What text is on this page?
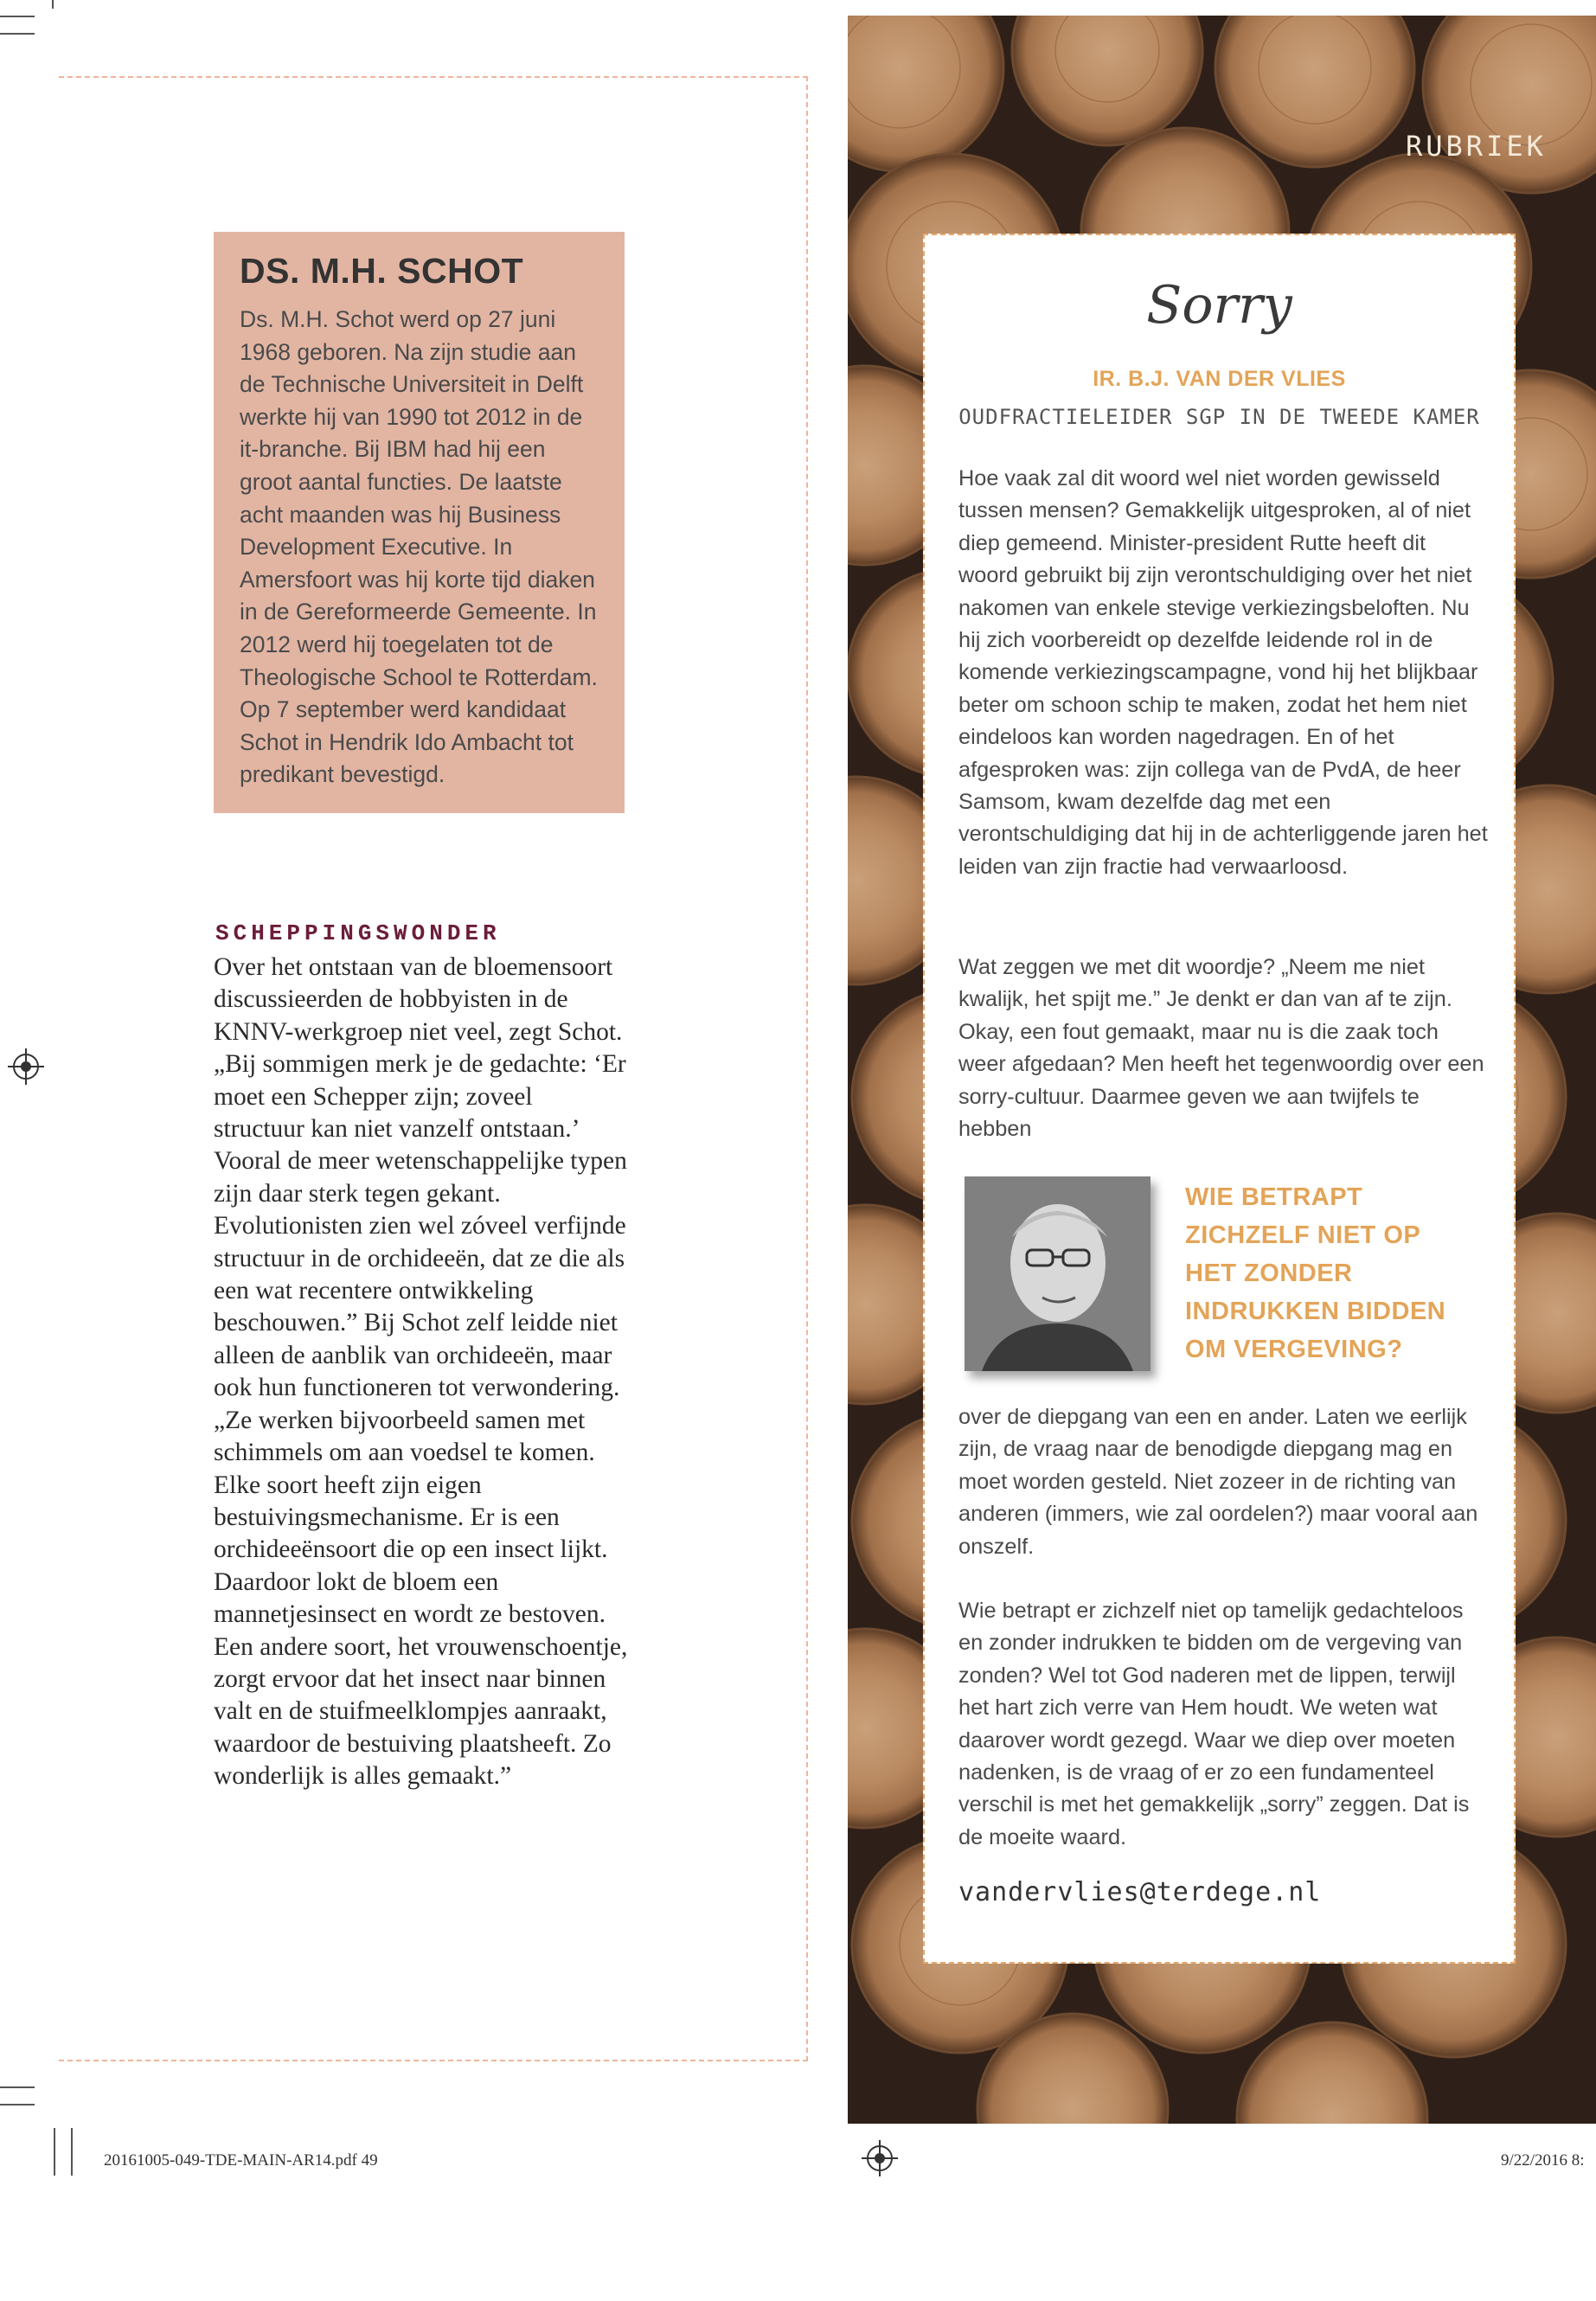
DS. M.H. SCHOT

Ds. M.H. Schot werd op 27 juni 1968 geboren. Na zijn studie aan de Technische Universiteit in Delft werkte hij van 1990 tot 2012 in de it-branche. Bij IBM had hij een groot aantal functies. De laatste acht maanden was hij Business Development Executive. In Amersfoort was hij korte tijd diaken in de Gereformeerde Gemeente. In 2012 werd hij toegelaten tot de Theologische School te Rotterdam. Op 7 september werd kandidaat Schot in Hendrik Ido Ambacht tot predikant bevestigd.

SCHEPPINGSWONDER

Over het ontstaan van de bloemensoort discussieerden de hobbyisten in de KNNV-werkgroep niet veel, zegt Schot. „Bij sommigen merk je de gedachte: ‘Er moet een Schepper zijn; zoveel structuur kan niet vanzelf ontstaan.’ Vooral de meer wetenschappelijke typen zijn daar sterk tegen gekant. Evolutionisten zien wel zóveel verfijnde structuur in de orchideeën, dat ze die als een wat recentere ontwikkeling beschouwen.” Bij Schot zelf leidde niet alleen de aanblik van orchideeën, maar ook hun functioneren tot verwondering. „Ze werken bijvoorbeeld samen met schimmels om aan voedsel te komen. Elke soort heeft zijn eigen bestuivingsmechanisme. Er is een orchideeënsoort die op een insect lijkt. Daardoor lokt de bloem een mannetjesinsect en wordt ze bestoven. Een andere soort, het vrouwenschoentje, zorgt ervoor dat het insect naar binnen valt en de stuifmeelklompjes aanraakt, waardoor de bestuiving plaatsheeft. Zo wonderlijk is alles gemaakt.”

RUBRIEK
Sorry
IR. B.J. VAN DER VLIES
OUDFRACTIELEIDER SGP IN DE TWEEDE KAMER

Hoe vaak zal dit woord wel niet worden gewisseld tussen mensen? Gemakkelijk uitgesproken, al of niet diep gemeend. Minister-president Rutte heeft dit woord gebruikt bij zijn verontschuldiging over het niet nakomen van enkele stevige verkiezingsbeloften. Nu hij zich voorbereidt op dezelfde leidende rol in de komende verkiezingscampagne, vond hij het blijkbaar beter om schoon schip te maken, zodat het hem niet eindeloos kan worden nagedragen. En of het afgesproken was: zijn collega van de PvdA, de heer Samsom, kwam dezelfde dag met een verontschuldiging dat hij in de achterliggende jaren het leiden van zijn fractie had verwaarloosd.

Wat zeggen we met dit woordje? „Neem me niet kwalijk, het spijt me.” Je denkt er dan van af te zijn. Okay, een fout gemaakt, maar nu is die zaak toch weer afgedaan? Men heeft het tegenwoordig over een sorry-cultuur. Daarmee geven we aan twijfels te hebben

WIE BETRAPT ZICHZELF NIET OP HET ZONDER INDRUKKEN BIDDEN OM VERGEVING?

over de diepgang van een en ander. Laten we eerlijk zijn, de vraag naar de benodigde diepgang mag en moet worden gesteld. Niet zozeer in de richting van anderen (immers, wie zal oordelen?) maar vooral aan onszelf.

Wie betrapt er zichzelf niet op tamelijk gedachteloos en zonder indrukken te bidden om de vergeving van zonden? Wel tot God naderen met de lippen, terwijl het hart zich verre van Hem houdt. We weten wat daarover wordt gezegd. Waar we diep over moeten nadenken, is de vraag of er zo een fundamenteel verschil is met het gemakkelijk „sorry” zeggen. Dat is de moeite waard.

vandervlies@terdege.nl
20161005-049-TDE-MAIN-AR14.pdf 49	9/22/2016 8:
